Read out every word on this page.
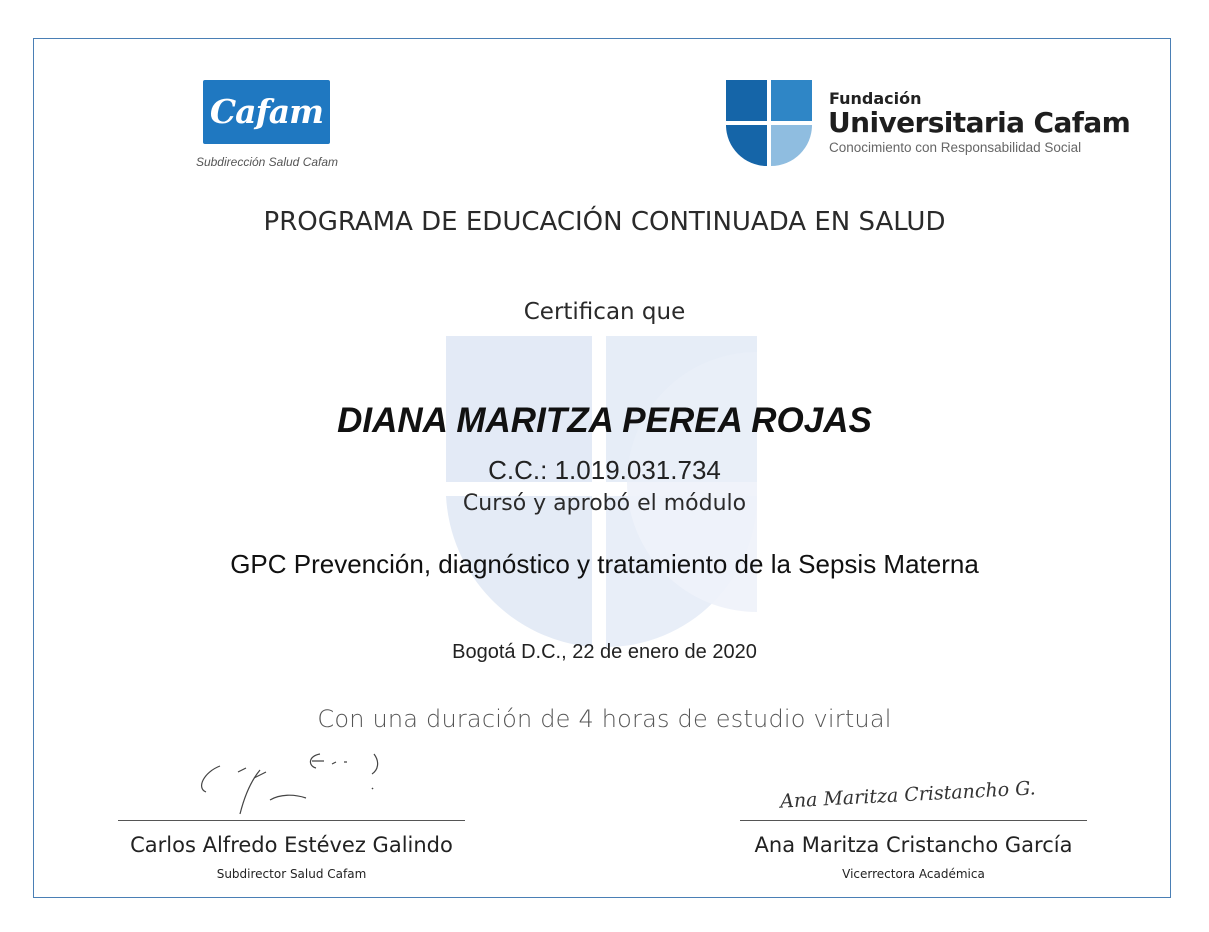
Cafam
Subdirección Salud Cafam
Fundación
Universitaria Cafam
Conocimiento con Responsabilidad Social
PROGRAMA DE EDUCACIÓN CONTINUADA EN SALUD
Certifican que
DIANA MARITZA PEREA ROJAS
C.C.: 1.019.031.734
Cursó y aprobó el módulo
GPC Prevención, diagnóstico y tratamiento de la Sepsis Materna
Bogotá D.C., 22 de enero de 2020
Con una duración de 4 horas de estudio virtual
Carlos Alfredo Estévez Galindo
Subdirector Salud Cafam
Ana Maritza Cristancho G.
Ana Maritza Cristancho García
Vicerrectora Académica
